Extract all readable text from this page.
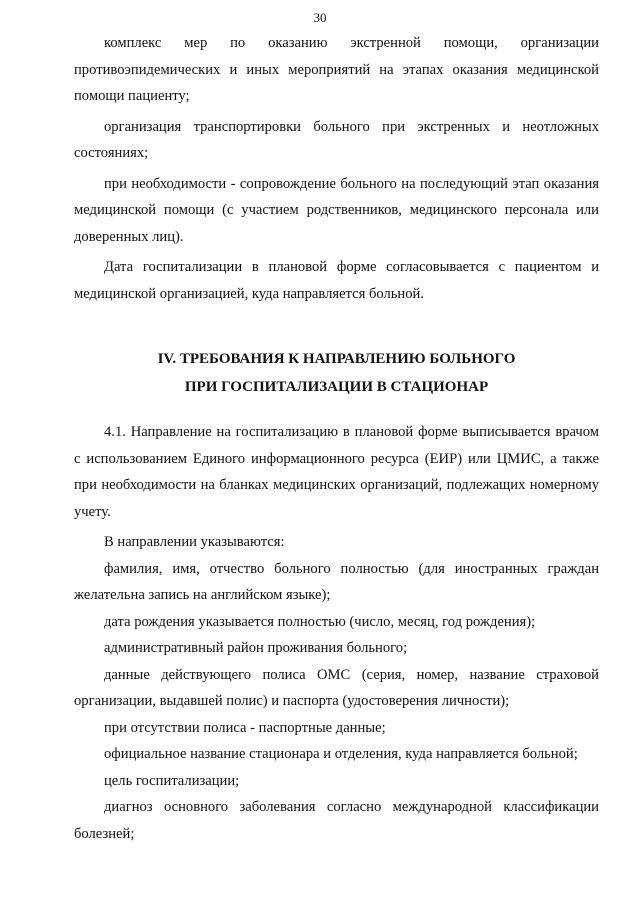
30

комплекс мер по оказанию экстренной помощи, организации противоэпидемических и иных мероприятий на этапах оказания медицинской помощи пациенту;

организация транспортировки больного при экстренных и неотложных состояниях;

при необходимости - сопровождение больного на последующий этап оказания медицинской помощи (с участием родственников, медицинского персонала или доверенных лиц).

Дата госпитализации в плановой форме согласовывается с пациентом и медицинской организацией, куда направляется больной.

IV. ТРЕБОВАНИЯ К НАПРАВЛЕНИЮ БОЛЬНОГО
ПРИ ГОСПИТАЛИЗАЦИИ В СТАЦИОНАР

4.1. Направление на госпитализацию в плановой форме выписывается врачом с использованием Единого информационного ресурса (ЕИР) или ЦМИС, а также при необходимости на бланках медицинских организаций, подлежащих номерному учету.

В направлении указываются:

фамилия, имя, отчество больного полностью (для иностранных граждан желательна запись на английском языке);

дата рождения указывается полностью (число, месяц, год рождения);

административный район проживания больного;

данные действующего полиса ОМС (серия, номер, название страховой организации, выдавшей полис) и паспорта (удостоверения личности);

при отсутствии полиса - паспортные данные;

официальное название стационара и отделения, куда направляется больной;

цель госпитализации;

диагноз основного заболевания согласно международной классификации болезней;
